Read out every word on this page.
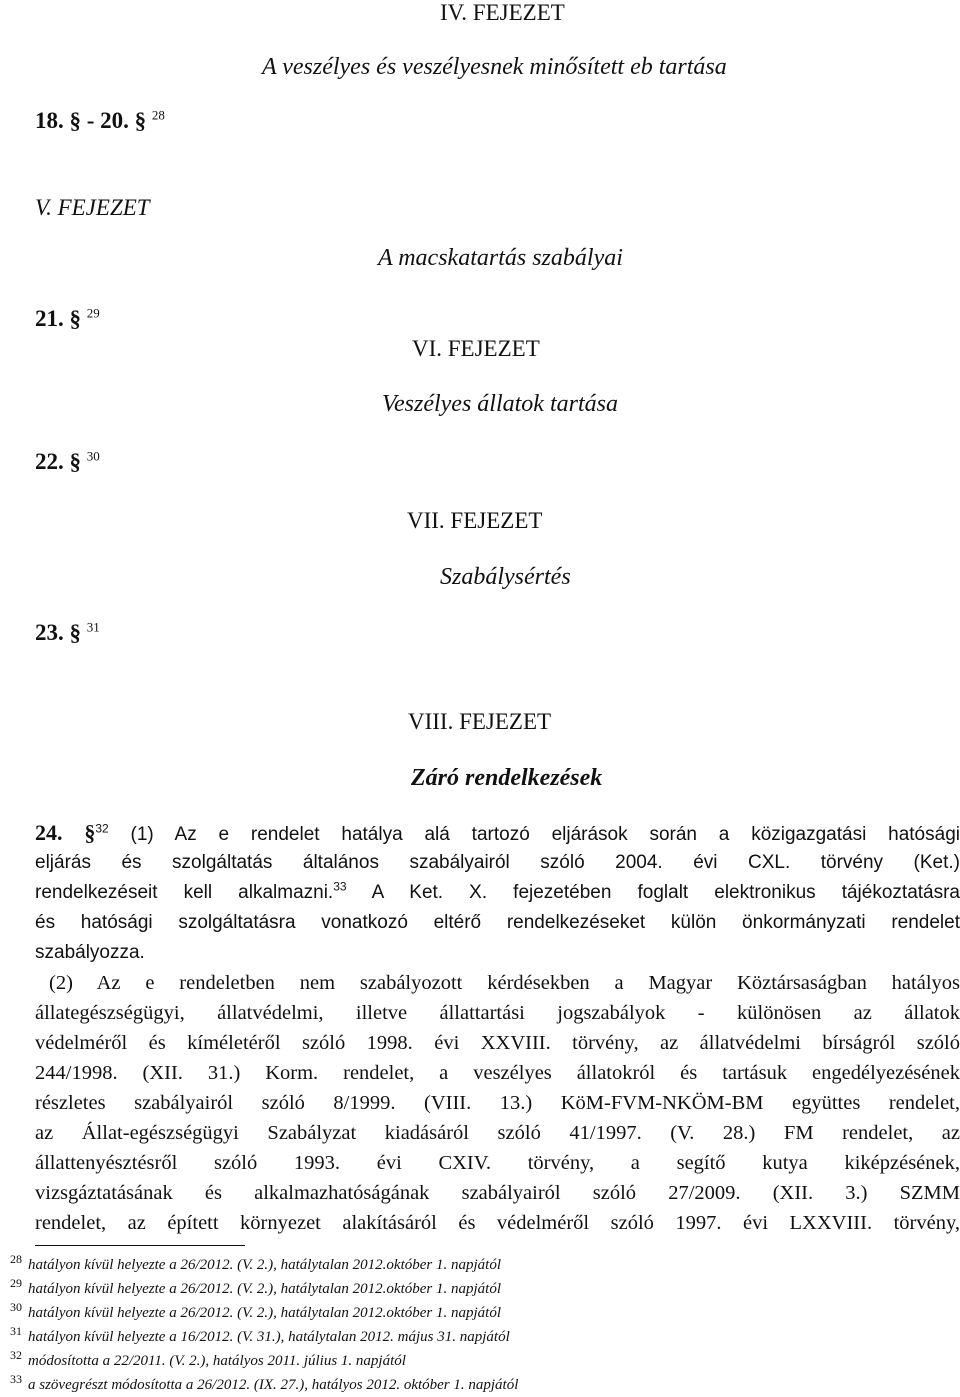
IV. FEJEZET
A veszélyes és veszélyesnek minősített eb tartása
18. § - 20. § $^{28}$
V. FEJEZET
A macskatartás szabályai
21. § $^{29}$
VI. FEJEZET
Veszélyes állatok tartása
22. § $^{30}$
VII. FEJEZET
Szabálysértés
23. § $^{31}$
VIII. FEJEZET
Záró rendelkezések
24. §$^{32}$ (1) Az e rendelet hatálya alá tartozó eljárások során a közigazgatási hatósági
eljárás és szolgáltatás általános szabályairól szóló 2004. évi CXL. törvény (Ket.)
rendelkezéseit kell alkalmazni.$^{33}$ A Ket. X. fejezetében foglalt elektronikus tájékoztatásra
és hatósági szolgáltatásra vonatkozó eltérő rendelkezéseket külön önkormányzati rendelet
szabályozza.
(2) Az e rendeletben nem szabályozott kérdésekben a Magyar Köztársaságban hatályos
állategészségügyi, állatvédelmi, illetve állattartási jogszabályok - különösen az állatok
védelméről és kíméletéről szóló 1998. évi XXVIII. törvény, az állatvédelmi bírságról szóló
244/1998. (XII. 31.) Korm. rendelet, a veszélyes állatokról és tartásuk engedélyezésének
részletes szabályairól szóló 8/1999. (VIII. 13.) KöM-FVM-NKÖM-BM együttes rendelet,
az Állat-egészségügyi Szabályzat kiadásáról szóló 41/1997. (V. 28.) FM rendelet, az
állattenyésztésről szóló 1993. évi CXIV. törvény, a segítő kutya kiképzésének,
vizsgáztatásának és alkalmazhatóságának szabályairól szóló 27/2009. (XII. 3.) SZMM
rendelet, az épített környezet alakításáról és védelméről szóló 1997. évi LXXVIII. törvény,
$^{28}$ hatályon kívül helyezte a 26/2012. (V. 2.), hatálytalan 2012.október 1. napjától
$^{29}$ hatályon kívül helyezte a 26/2012. (V. 2.), hatálytalan 2012.október 1. napjától
$^{30}$ hatályon kívül helyezte a 26/2012. (V. 2.), hatálytalan 2012.október 1. napjától
$^{31}$ hatályon kívül helyezte a 16/2012. (V. 31.), hatálytalan 2012. május 31. napjától
$^{32}$ módosította a 22/2011. (V. 2.), hatályos 2011. július 1. napjától
$^{33}$ a szövegrészt módosította a 26/2012. (IX. 27.), hatályos 2012. október 1. napjától
